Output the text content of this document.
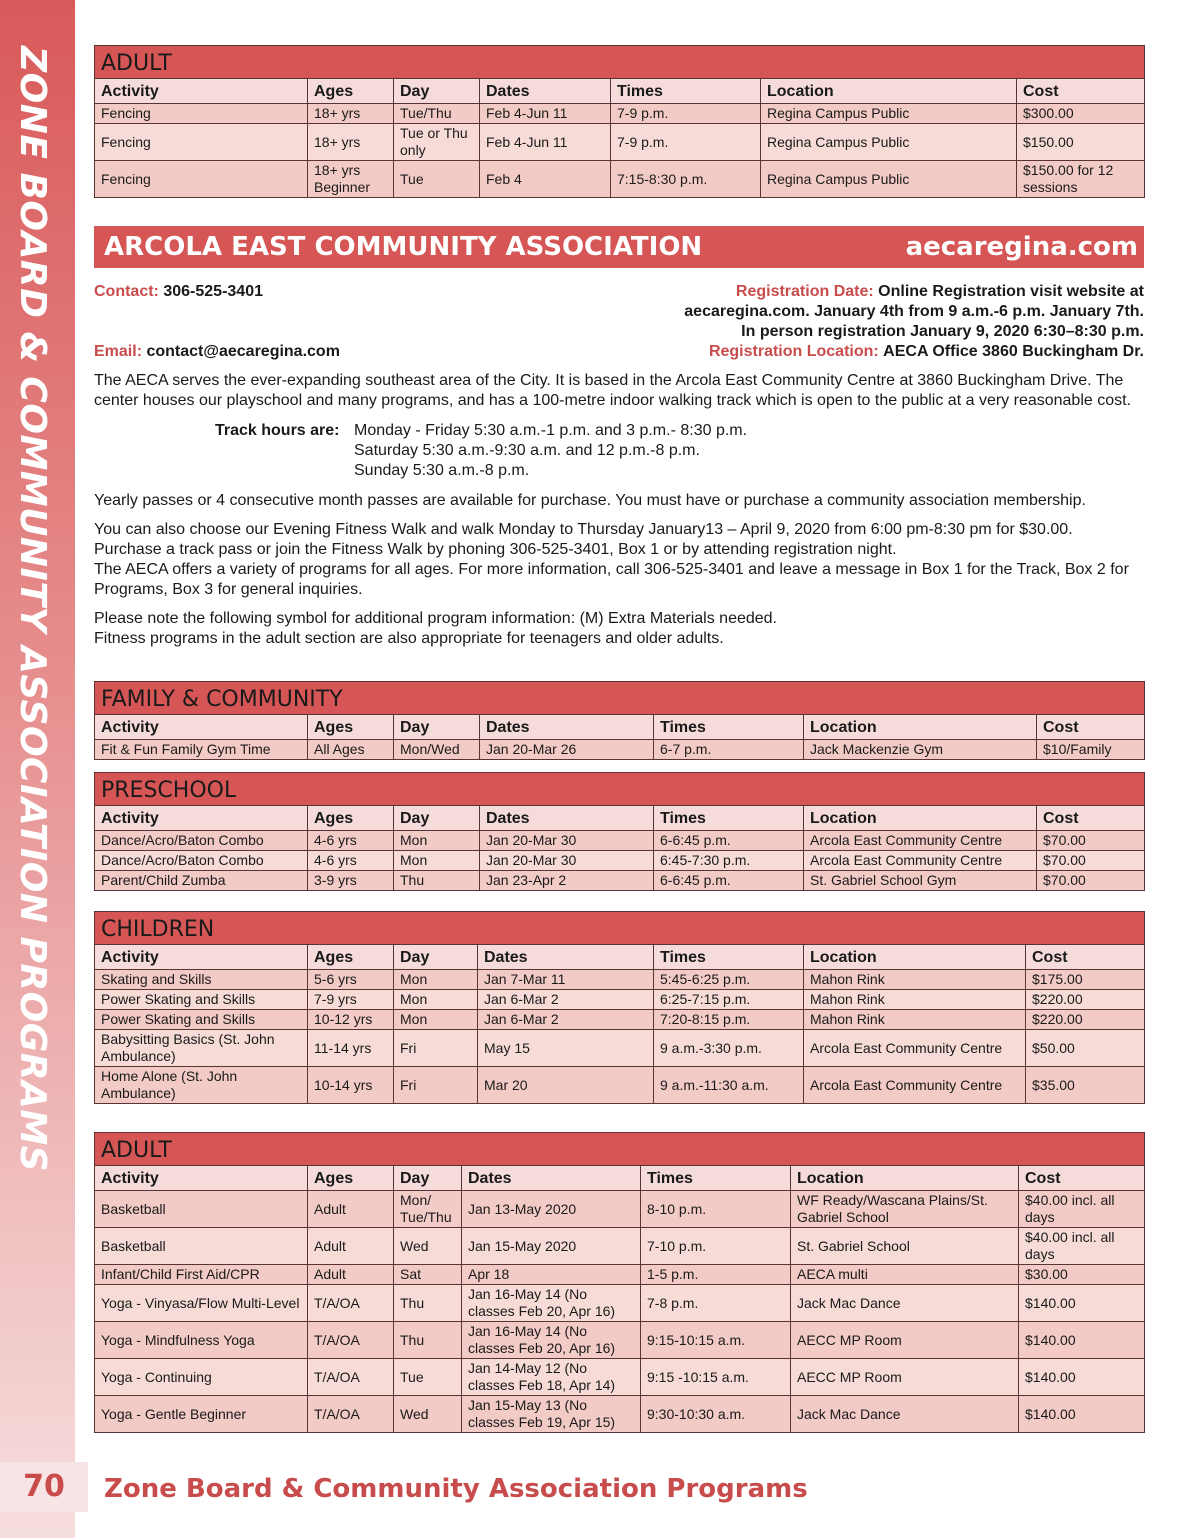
ZONE BOARD & COMMUNITY ASSOCIATION PROGRAMS
70	Zone Board & Community Association Programs
ADULT						
Activity	Ages	Day	Dates	Times	Location	Cost
Fencing	18+ yrs	Tue/Thu	Feb 4-Jun 11	7-9 p.m.	Regina Campus Public	$300.00
Fencing	18+ yrs	Tue or Thu only	Feb 4-Jun 11	7-9 p.m.	Regina Campus Public	$150.00
Fencing	18+ yrs Beginner	Tue	Feb 4	7:15-8:30 p.m.	Regina Campus Public	$150.00 for 12 sessions
ARCOLA EAST COMMUNITY ASSOCIATION	aecaregina.com
Contact: 306-525-3401
Email: contact@aecaregina.com
Registration Date: Online Registration visit website at
aecaregina.com. January 4th from 9 a.m.-6 p.m. January 7th.
In person registration January 9, 2020 6:30–8:30 p.m.
Registration Location: AECA Office 3860 Buckingham Dr.

The AECA serves the ever-expanding southeast area of the City. It is based in the Arcola East Community Centre at 3860 Buckingham Drive. The center houses our playschool and many programs, and has a 100-metre indoor walking track which is open to the public at a very reasonable cost.

Track hours are: Monday - Friday 5:30 a.m.-1 p.m. and 3 p.m.- 8:30 p.m.
Saturday 5:30 a.m.-9:30 a.m. and 12 p.m.-8 p.m.
Sunday 5:30 a.m.-8 p.m.

Yearly passes or 4 consecutive month passes are available for purchase. You must have or purchase a community association membership.

You can also choose our Evening Fitness Walk and walk Monday to Thursday January13 – April 9, 2020 from 6:00 pm-8:30 pm for $30.00.

Purchase a track pass or join the Fitness Walk by phoning 306-525-3401, Box 1 or by attending registration night.

The AECA offers a variety of programs for all ages. For more information, call 306-525-3401 and leave a message in Box 1 for the Track, Box 2 for Programs, Box 3 for general inquiries.

Please note the following symbol for additional program information: (M) Extra Materials needed.

Fitness programs in the adult section are also appropriate for teenagers and older adults.

FAMILY & COMMUNITY						
Activity	Ages	Day	Dates	Times	Location	Cost
Fit & Fun Family Gym Time	All Ages	Mon/Wed	Jan 20-Mar 26	6-7 p.m.	Jack Mackenzie Gym	$10/Family
PRESCHOOL						
Activity	Ages	Day	Dates	Times	Location	Cost
Dance/Acro/Baton Combo	4-6 yrs	Mon	Jan 20-Mar 30	6-6:45 p.m.	Arcola East Community Centre	$70.00
Dance/Acro/Baton Combo	4-6 yrs	Mon	Jan 20-Mar 30	6:45-7:30 p.m.	Arcola East Community Centre	$70.00
Parent/Child Zumba	3-9 yrs	Thu	Jan 23-Apr 2	6-6:45 p.m.	St. Gabriel School Gym	$70.00
CHILDREN						
Activity	Ages	Day	Dates	Times	Location	Cost
Skating and Skills	5-6 yrs	Mon	Jan 7-Mar 11	5:45-6:25 p.m.	Mahon Rink	$175.00
Power Skating and Skills	7-9 yrs	Mon	Jan 6-Mar 2	6:25-7:15 p.m.	Mahon Rink	$220.00
Power Skating and Skills	10-12 yrs	Mon	Jan 6-Mar 2	7:20-8:15 p.m.	Mahon Rink	$220.00
Babysitting Basics (St. John Ambulance)	11-14 yrs	Fri	May 15	9 a.m.-3:30 p.m.	Arcola East Community Centre	$50.00
Home Alone (St. John Ambulance)	10-14 yrs	Fri	Mar 20	9 a.m.-11:30 a.m.	Arcola East Community Centre	$35.00
ADULT						
Activity	Ages	Day	Dates	Times	Location	Cost
Basketball	Adult	Mon/ Tue/Thu	Jan 13-May 2020	8-10 p.m.	WF Ready/Wascana Plains/St. Gabriel School	$40.00 incl. all days
Basketball	Adult	Wed	Jan 15-May 2020	7-10 p.m.	St. Gabriel School	$40.00 incl. all days
Infant/Child First Aid/CPR	Adult	Sat	Apr 18	1-5 p.m.	AECA multi	$30.00
Yoga - Vinyasa/Flow Multi-Level	T/A/OA	Thu	Jan 16-May 14 (No classes Feb 20, Apr 16)	7-8 p.m.	Jack Mac Dance	$140.00
Yoga - Mindfulness Yoga	T/A/OA	Thu	Jan 16-May 14 (No classes Feb 20, Apr 16)	9:15-10:15 a.m.	AECC MP Room	$140.00
Yoga - Continuing	T/A/OA	Tue	Jan 14-May 12 (No classes Feb 18, Apr 14)	9:15 -10:15 a.m.	AECC MP Room	$140.00
Yoga - Gentle Beginner	T/A/OA	Wed	Jan 15-May 13 (No classes Feb 19, Apr 15)	9:30-10:30 a.m.	Jack Mac Dance	$140.00
